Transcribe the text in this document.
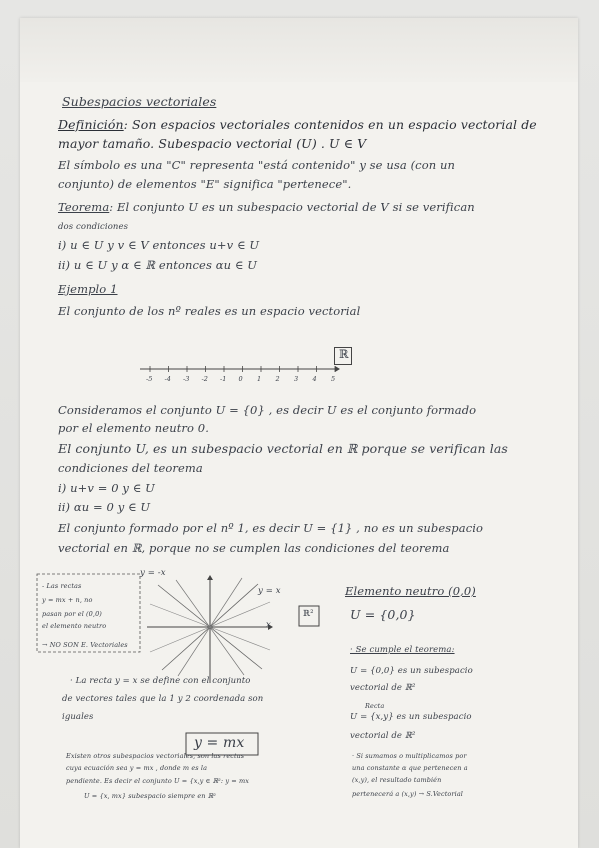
Subespacios vectoriales
Definición: Son espacios vectoriales contenidos en un espacio vectorial de
mayor tamaño. Subespacio vectorial (U) . U ∈ V
El símbolo es una "C" representa "está contenido" y se usa (con un
conjunto) de elementos "E" significa "pertenece".
Teorema: El conjunto U es un subespacio vectorial de V si se verifican
dos condiciones
i) u ∈ U y v ∈ V entonces u+v ∈ U
ii) u ∈ U y α ∈ ℝ entonces αu ∈ U
Ejemplo 1
El conjunto de los nº reales es un espacio vectorial
ℝ
-5 -4 -3 -2 -1 0 1 2 3 4 5
Consideramos el conjunto U = {0} , es decir U es el conjunto formado
por el elemento neutro 0.
El conjunto U, es un subespacio vectorial en ℝ porque se verifican las
condiciones del teorema
i) u+v = 0 y ∈ U
ii) αu = 0 y ∈ U
El conjunto formado por el nº 1, es decir U = {1} , no es un subespacio
vectorial en ℝ, porque no se cumplen las condiciones del teorema
- Las rectas
y = mx + n, no
pasan por el (0,0)
el elemento neutro
→ NO SON E. Vectoriales
y = -x
y = x
x
ℝ²
Elemento neutro (0,0)
U = {0,0}
· Se cumple el teorema:
U = {0,0} es un subespacio
vectorial de ℝ²
Recta
U = {x,y} es un subespacio
vectorial de ℝ²
· Si sumamos o multiplicamos por
una constante α que pertenecen a
(x,y), el resultado también
pertenecerá a (x,y) → S.Vectorial
· La recta y = x se define con el conjunto
de vectores tales que la 1 y 2 coordenada son
iguales
y = mx
Existen otros subespacios vectoriales, son las rectas
cuya ecuación sea y = mx , donde m es la
pendiente. Es decir el conjunto U = {x,y ∈ ℝ²: y = mx
U = {x, mx} subespacio siempre en ℝ²
